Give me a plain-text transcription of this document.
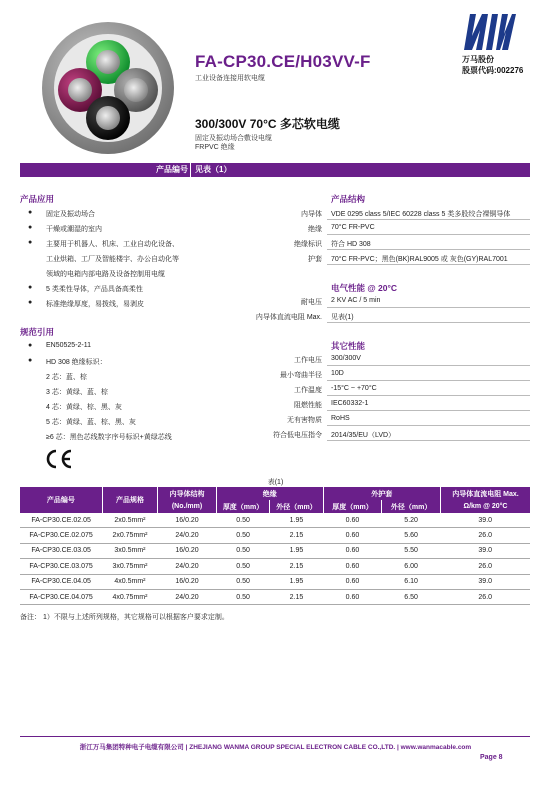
FA-CP30.CE/H03VV-F
工业设备连接用软电缆
300/300V 70°C 多芯软电缆
固定及振动场合敷设电缆
FRPVC 绝缘
万马股份
股票代码:002276
产品编号 见表（1）
产品应用
● 固定及振动场合
● 干燥或潮湿的室内
● 主要用于机器人、机床、工业自动化设备、
工业烘箱、工厂及智能楼宇、办公自动化等
领域的电箱内部电路及设备控制用电缆
● 5 类柔性导体，产品具备高柔性
● 标准绝缘厚度，易拨线，易剥皮
规范引用
● EN50525-2-11
● HD 308 绝缘标识：
2 芯：蓝、棕
3 芯：黄绿、蓝、棕
4 芯：黄绿、棕、黑、灰
5 芯：黄绿、蓝、棕、黑、灰
≥6 芯：黑色芯线数字序号标识+黄绿芯线
产品结构
内导体 VDE 0295 class 5/IEC 60228 class 5 类多股绞合裸铜导体
绝缘 70°C FR-PVC
绝缘标识 符合 HD 308
护套 70°C FR-PVC；黑色(BK)RAL9005 或 灰色(GY)RAL7001
电气性能 @ 20°C
耐电压 2 KV AC / 5 min
内导体直流电阻 Max. 见表(1)
其它性能
工作电压 300/300V
最小弯曲半径 10D
工作温度 -15°C ~ +70°C
阻燃性能 IEC60332-1
无有害物质 RoHS
符合低电压指令 2014/35/EU（LVD）
表(1)
产品编号	产品规格	内导体结构	绝缘		外护套		内导体直流电阻 Max.
		(No./mm)	厚度（mm）	外径（mm）	厚度（mm）	外径（mm）	Ω/km @ 20°C
FA-CP30.CE.02.05	2x0.5mm²	16/0.20	0.50	1.95	0.60	5.20	39.0
FA-CP30.CE.02.075	2x0.75mm²	24/0.20	0.50	2.15	0.60	5.60	26.0
FA-CP30.CE.03.05	3x0.5mm²	16/0.20	0.50	1.95	0.60	5.50	39.0
FA-CP30.CE.03.075	3x0.75mm²	24/0.20	0.50	2.15	0.60	6.00	26.0
FA-CP30.CE.04.05	4x0.5mm²	16/0.20	0.50	1.95	0.60	6.10	39.0
FA-CP30.CE.04.075	4x0.75mm²	24/0.20	0.50	2.15	0.60	6.50	26.0
备注： 1）不限与上述所列规格，其它规格可以根据客户要求定制。
浙江万马集团特种电子电缆有限公司 | ZHEJIANG WANMA GROUP SPECIAL ELECTRON CABLE CO.,LTD. | www.wanmacable.com
Page 8
